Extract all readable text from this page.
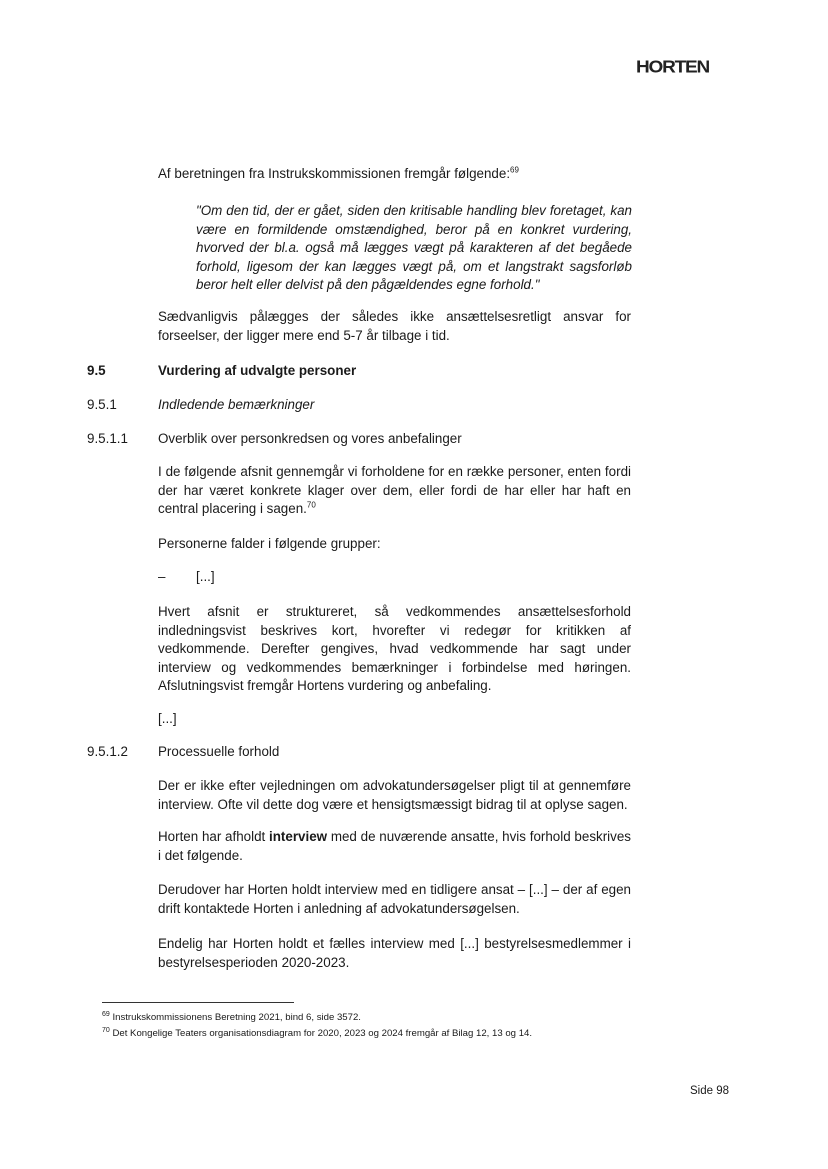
HORTEN

Af beretningen fra Instrukskommissionen fremgår følgende:$^{69}$

"Om den tid, der er gået, siden den kritisable handling blev foretaget, kan være en formildende omstændighed, beror på en konkret vurdering, hvorved der bl.a. også må lægges vægt på karakteren af det begåede forhold, ligesom der kan lægges vægt på, om et langstrakt sagsforløb beror helt eller delvist på den pågældendes egne forhold."

Sædvanligvis pålægges der således ikke ansættelsesretligt ansvar for forseelser, der ligger mere end 5-7 år tilbage i tid.

9.5	Vurdering af udvalgte personer
9.5.1	Indledende bemærkninger
9.5.1.1 Overblik over personkredsen og vores anbefalinger

I de følgende afsnit gennemgår vi forholdene for en række personer, enten fordi der har været konkrete klager over dem, eller fordi de har eller har haft en central placering i sagen.$^{70}$

Personerne falder i følgende grupper:

– [...]

Hvert afsnit er struktureret, så vedkommendes ansættelsesforhold indledningsvist beskrives kort, hvorefter vi redegør for kritikken af vedkommende. Derefter gengives, hvad vedkommende har sagt under interview og vedkommendes bemærkninger i forbindelse med høringen. Afslutningsvist fremgår Hortens vurdering og anbefaling.

[...]

9.5.1.2 Processuelle forhold

Der er ikke efter vejledningen om advokatundersøgelser pligt til at gennemføre interview. Ofte vil dette dog være et hensigtsmæssigt bidrag til at oplyse sagen.

Horten har afholdt interview med de nuværende ansatte, hvis forhold beskrives i det følgende.

Derudover har Horten holdt interview med en tidligere ansat – [...] – der af egen drift kontaktede Horten i anledning af advokatundersøgelsen.

Endelig har Horten holdt et fælles interview med [...] bestyrelsesmedlemmer i bestyrelsesperioden 2020-2023.

$^{69}$ Instrukskommissionens Beretning 2021, bind 6, side 3572.
$^{70}$ Det Kongelige Teaters organisationsdiagram for 2020, 2023 og 2024 fremgår af Bilag 12, 13 og 14.
Side 98
